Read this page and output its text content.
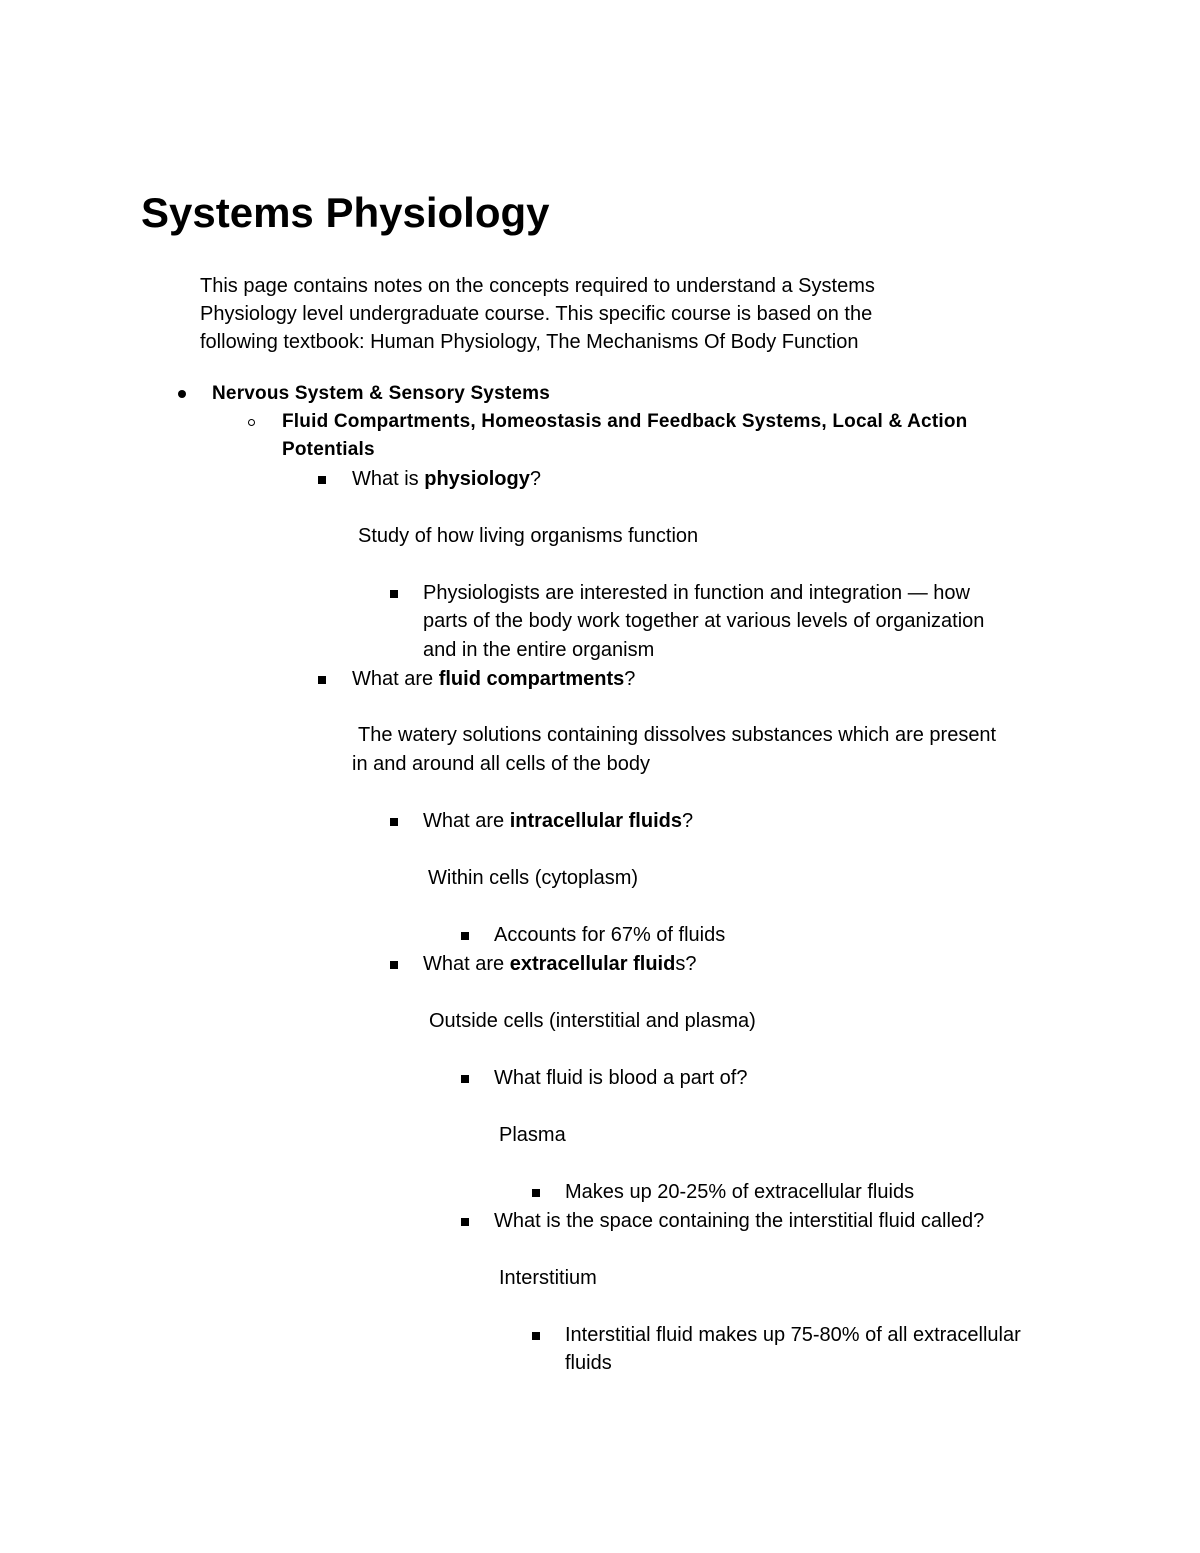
Systems Physiology
This page contains notes on the concepts required to understand a Systems
Physiology level undergraduate course. This specific course is based on the
following textbook: Human Physiology, The Mechanisms Of Body Function
Nervous System & Sensory Systems
Fluid Compartments, Homeostasis and Feedback Systems, Local & Action
Potentials
What is physiology?
Study of how living organisms function
Physiologists are interested in function and integration — how
parts of the body work together at various levels of organization
and in the entire organism
What are fluid compartments?
The watery solutions containing dissolves substances which are present
in and around all cells of the body
What are intracellular fluids?
Within cells (cytoplasm)
Accounts for 67% of fluids
What are extracellular fluids?
Outside cells (interstitial and plasma)
What fluid is blood a part of?
Plasma
Makes up 20-25% of extracellular fluids
What is the space containing the interstitial fluid called?
Interstitium
Interstitial fluid makes up 75-80% of all extracellular
fluids
